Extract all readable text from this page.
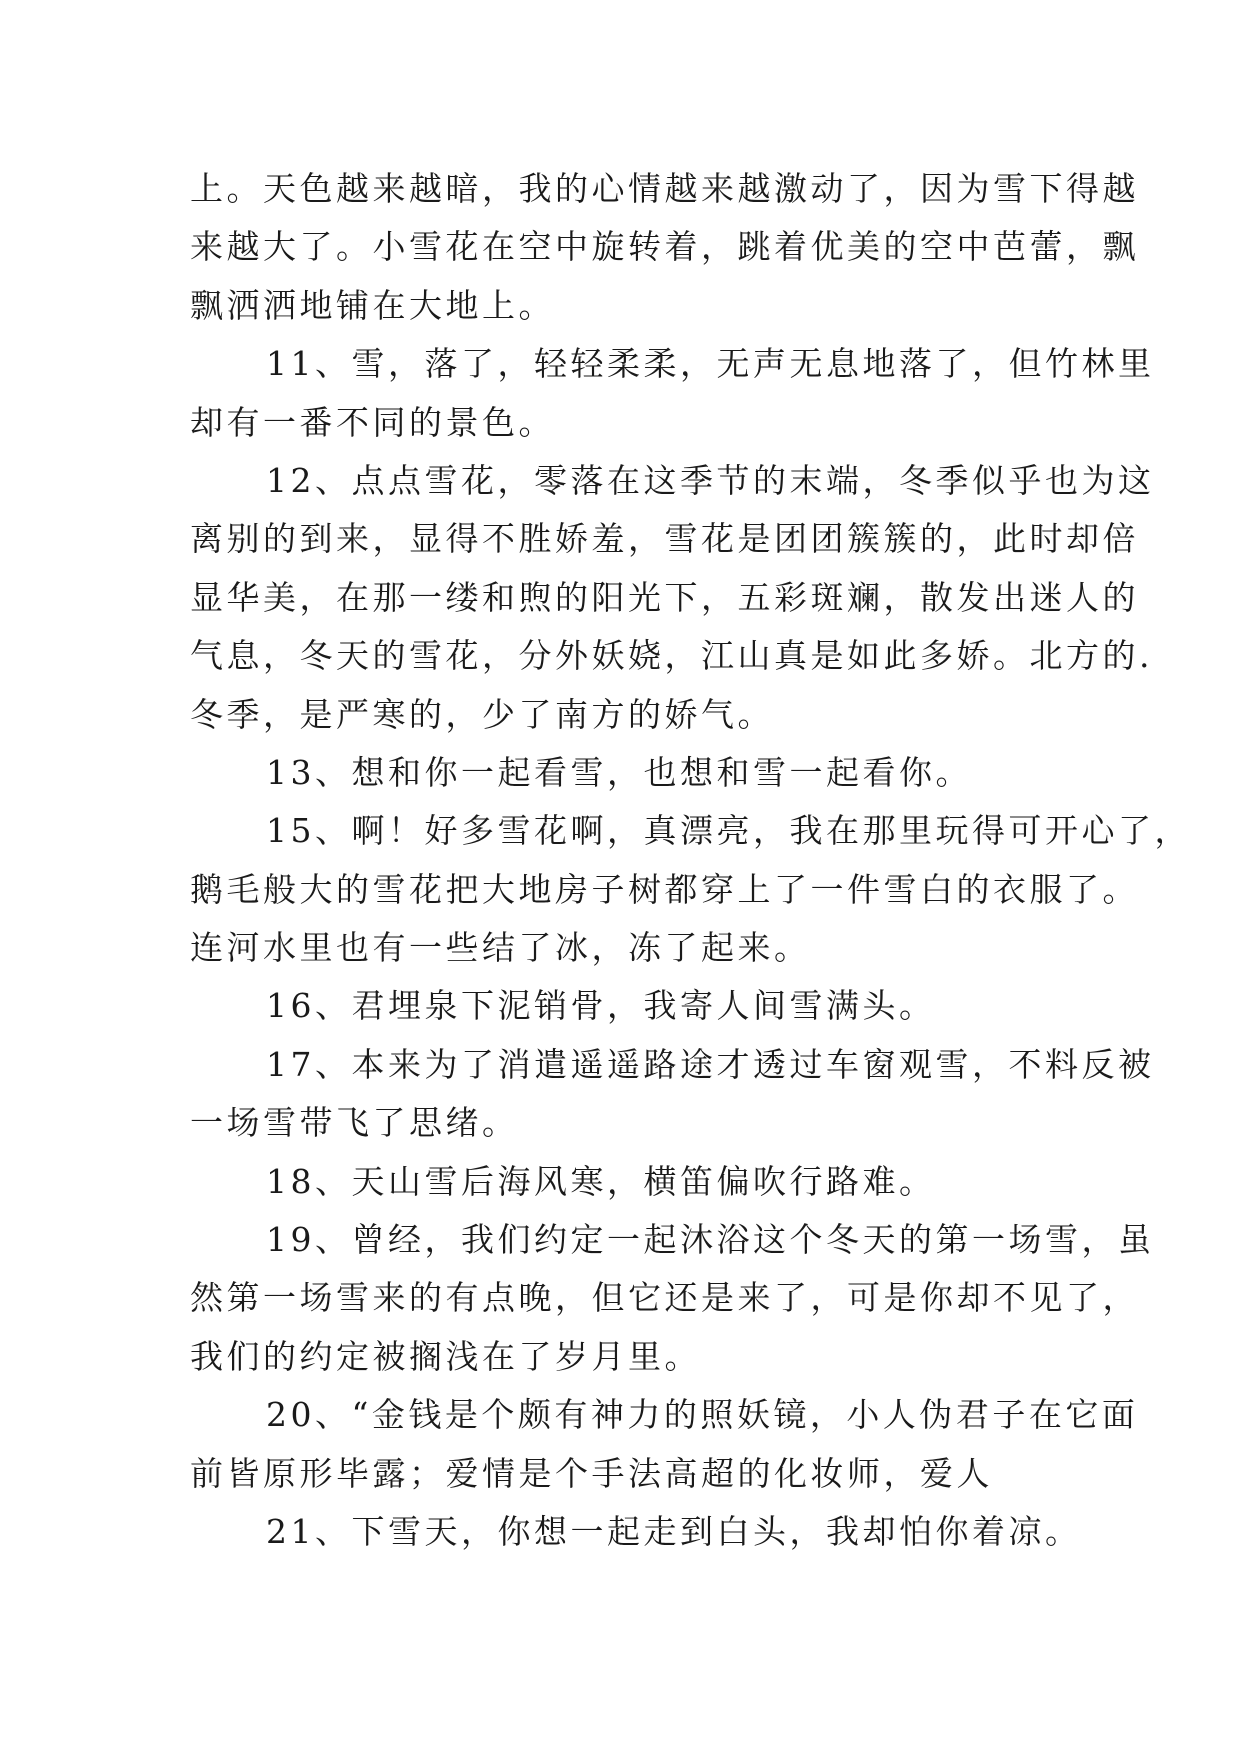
上。天色越来越暗，我的心情越来越激动了，因为雪下得越
来越大了。小雪花在空中旋转着，跳着优美的空中芭蕾，飘
飘洒洒地铺在大地上。
11、雪，落了，轻轻柔柔，无声无息地落了，但竹林里
却有一番不同的景色。
12、点点雪花，零落在这季节的末端，冬季似乎也为这
离别的到来，显得不胜娇羞，雪花是团团簇簇的，此时却倍
显华美，在那一缕和煦的阳光下，五彩斑斓，散发出迷人的
气息，冬天的雪花，分外妖娆，江山真是如此多娇。北方的.
冬季，是严寒的，少了南方的娇气。
13、想和你一起看雪，也想和雪一起看你。
15、啊！好多雪花啊，真漂亮，我在那里玩得可开心了，
鹅毛般大的雪花把大地房子树都穿上了一件雪白的衣服了。
连河水里也有一些结了冰，冻了起来。
16、君埋泉下泥销骨，我寄人间雪满头。
17、本来为了消遣遥遥路途才透过车窗观雪，不料反被
一场雪带飞了思绪。
18、天山雪后海风寒，横笛偏吹行路难。
19、曾经，我们约定一起沐浴这个冬天的第一场雪，虽
然第一场雪来的有点晚，但它还是来了，可是你却不见了，
我们的约定被搁浅在了岁月里。
20、“金钱是个颇有神力的照妖镜，小人伪君子在它面
前皆原形毕露；爱情是个手法高超的化妆师，爱人
21、下雪天，你想一起走到白头，我却怕你着凉。
